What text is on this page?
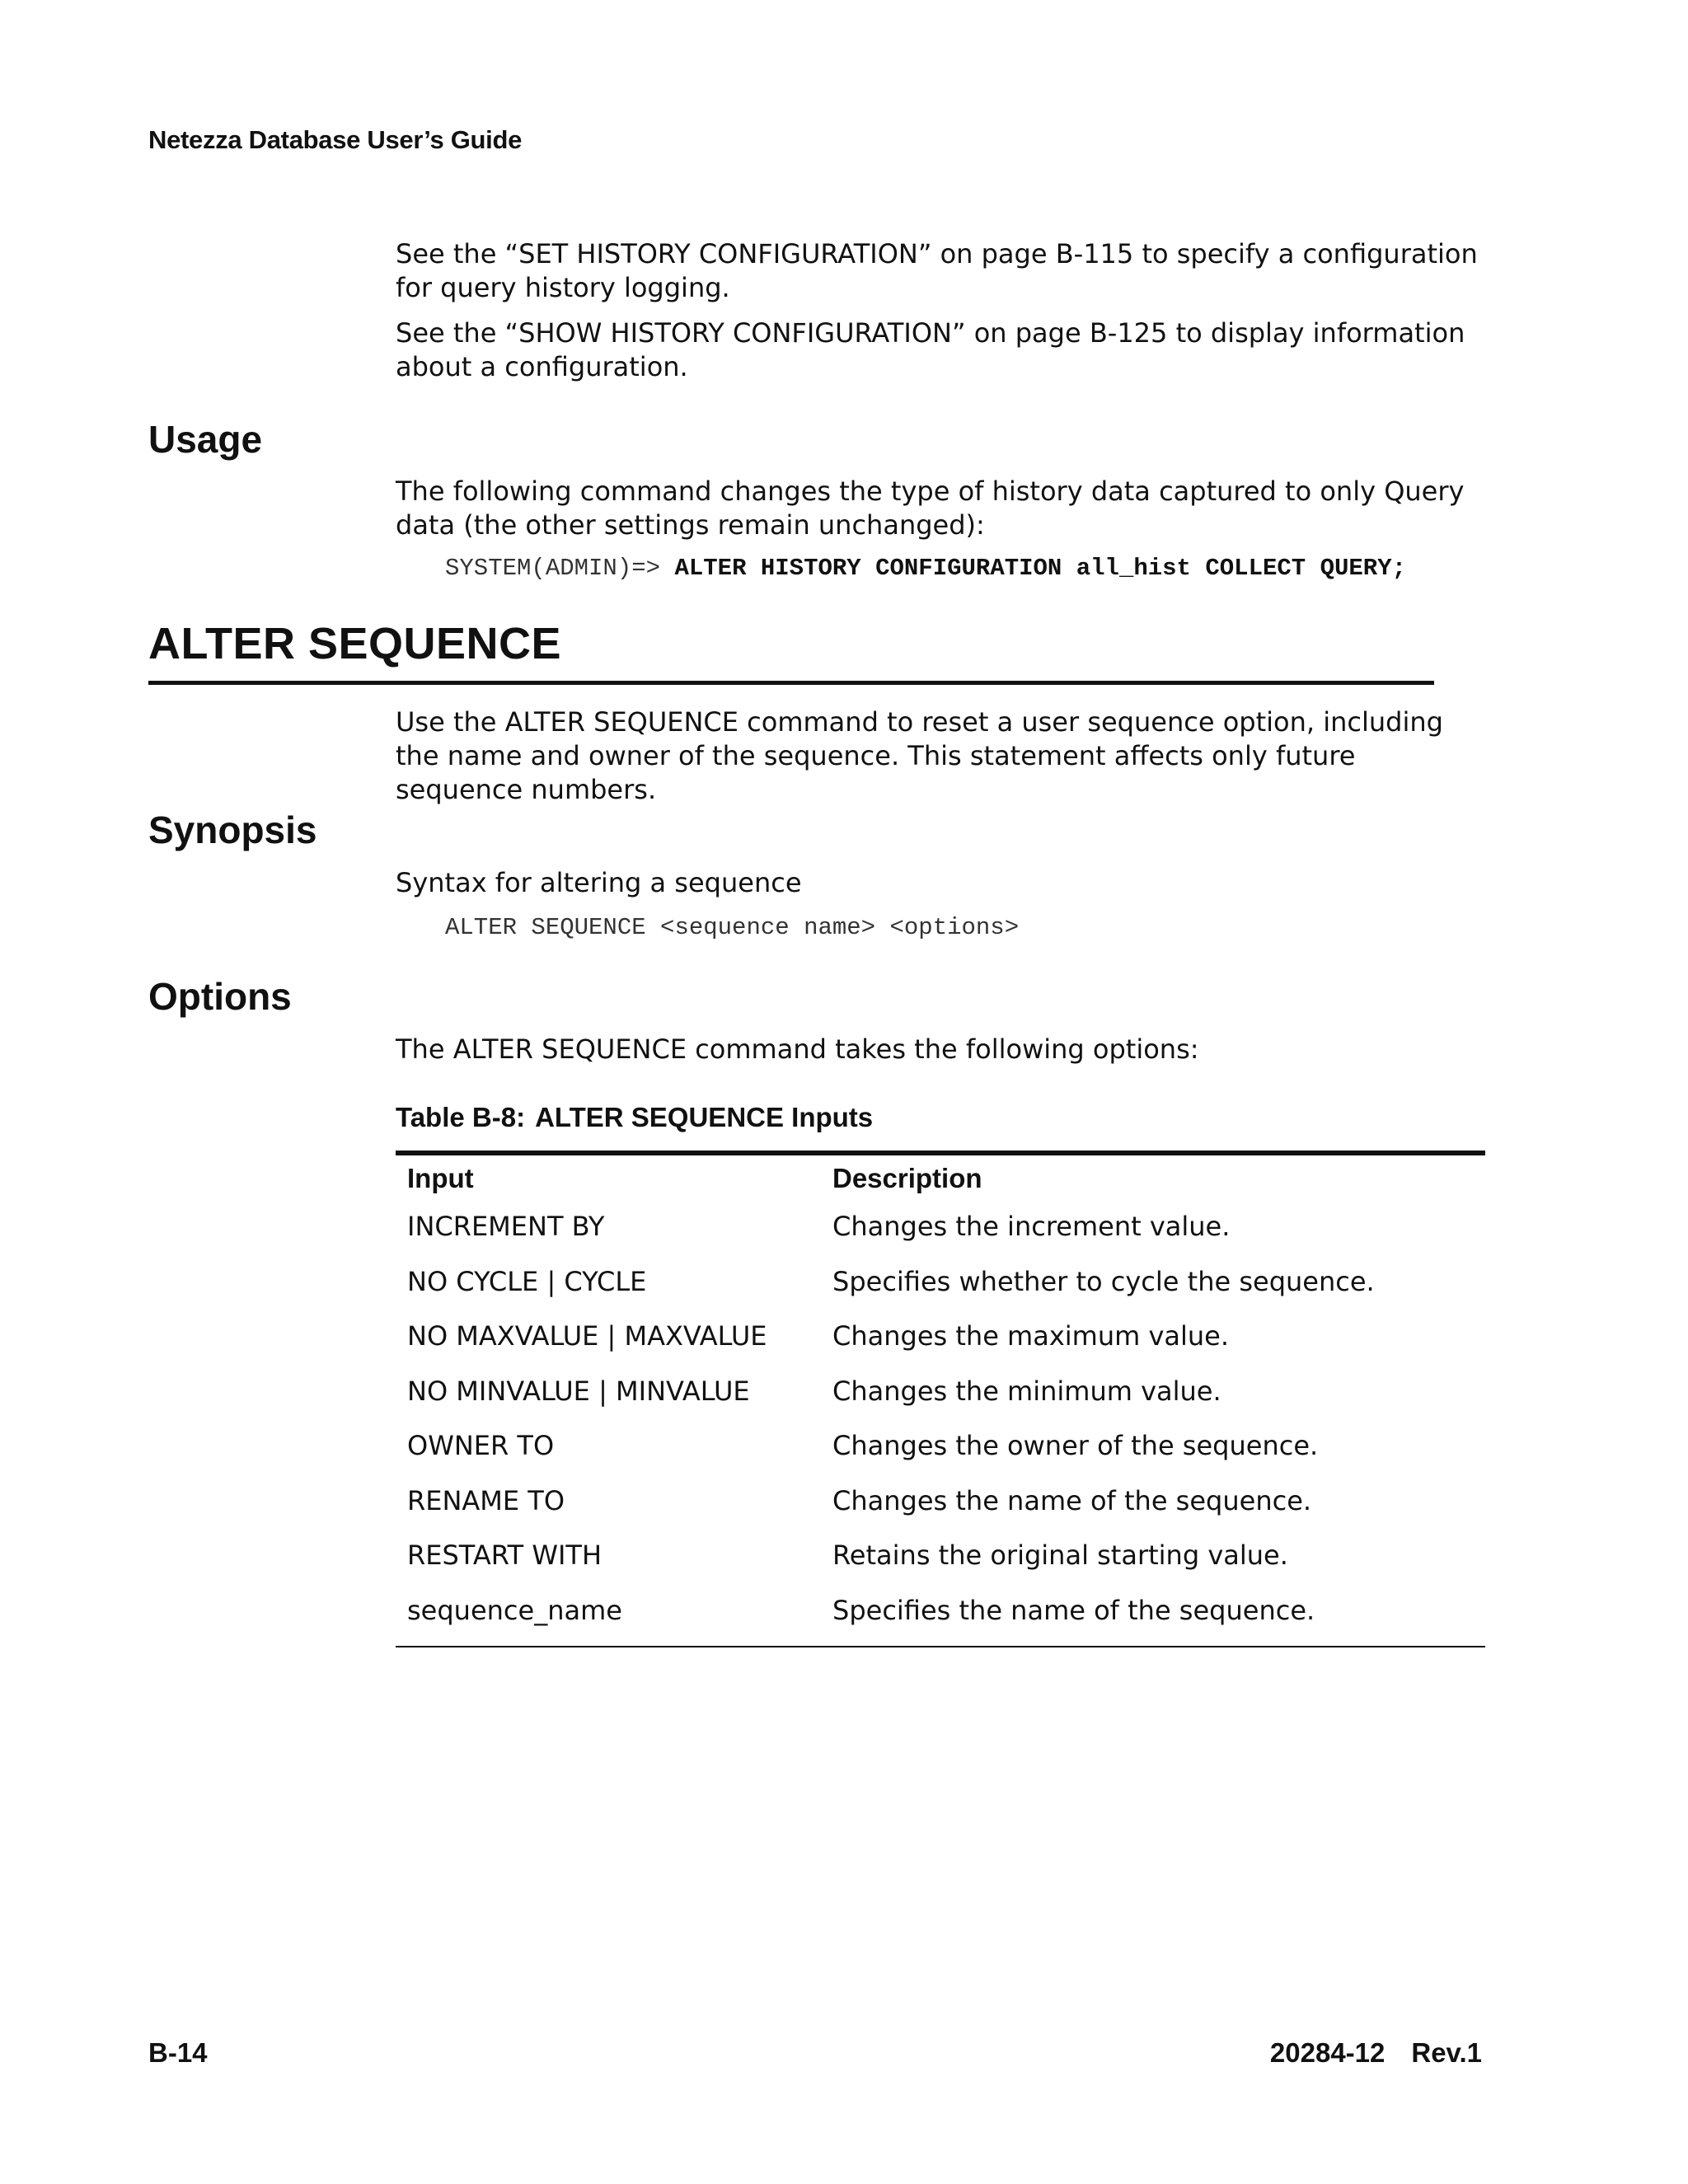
Netezza Database User’s Guide
See the “SET HISTORY CONFIGURATION” on page B-115 to specify a configuration for query history logging.
See the “SHOW HISTORY CONFIGURATION” on page B-125 to display information about a configuration.
Usage
The following command changes the type of history data captured to only Query data (the other settings remain unchanged):
SYSTEM(ADMIN)=> ALTER HISTORY CONFIGURATION all_hist COLLECT QUERY;
ALTER SEQUENCE
Use the ALTER SEQUENCE command to reset a user sequence option, including the name and owner of the sequence. This statement affects only future sequence numbers.
Synopsis
Syntax for altering a sequence
ALTER SEQUENCE <sequence name> <options>
Options
The ALTER SEQUENCE command takes the following options:
Table B-8: ALTER SEQUENCE Inputs
Input	Description
INCREMENT BY	Changes the increment value.
NO CYCLE | CYCLE	Specifies whether to cycle the sequence.
NO MAXVALUE | MAXVALUE Changes the maximum value.
NO MINVALUE | MINVALUE	Changes the minimum value.
OWNER TO	Changes the owner of the sequence.
RENAME TO	Changes the name of the sequence.
RESTART WITH	Retains the original starting value.
sequence_name	Specifies the name of the sequence.
B-14	20284-12 Rev.1
